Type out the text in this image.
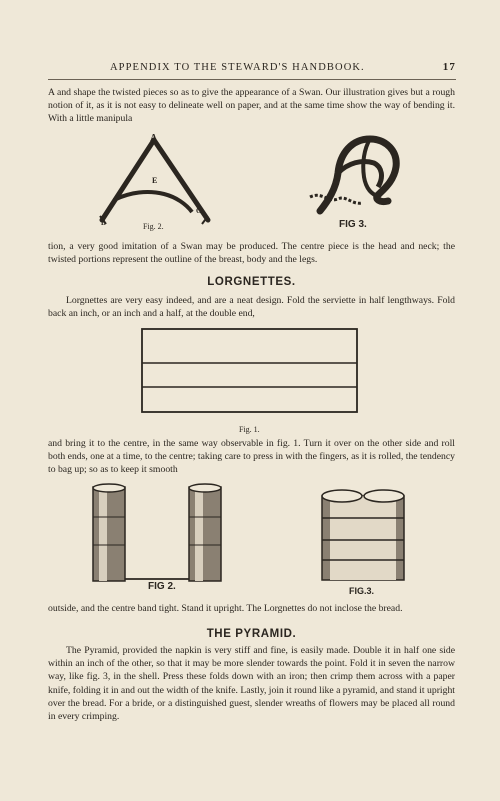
APPENDIX TO THE STEWARD'S HANDBOOK.	17

A and shape the twisted pieces so as to give the appearance of a Swan. Our illustration gives but a rough notion of it, as it is not easy to delineate well on paper, and at the same time show the way of bending it. With a little manipula

A
E
B
C
Fig. 2.	FIG 3.

tion, a very good imitation of a Swan may be produced. The centre piece is the head and neck; the twisted portions represent the outline of the breast, body and the legs.

LORGNETTES.

Lorgnettes are very easy indeed, and are a neat design. Fold the serviette in half lengthways. Fold back an inch, or an inch and a half, at the double end,

Fig. 1.

and bring it to the centre, in the same way observable in fig. 1. Turn it over on the other side and roll both ends, one at a time, to the centre; taking care to press in with the fingers, as it is rolled, the tendency to bag up; so as to keep it smooth

FIG 2.	FIG.3.

outside, and the centre band tight. Stand it upright. The Lorgnettes do not inclose the bread.

THE PYRAMID.

The Pyramid, provided the napkin is very stiff and fine, is easily made. Double it in half one side within an inch of the other, so that it may be more slender towards the point. Fold it in seven the narrow way, like fig. 3, in the shell. Press these folds down with an iron; then crimp them across with a paper knife, folding it in and out the width of the knife. Lastly, join it round like a pyramid, and stand it upright over the bread. For a bride, or a distinguished guest, slender wreaths of flowers may be placed all round in every crimping.
